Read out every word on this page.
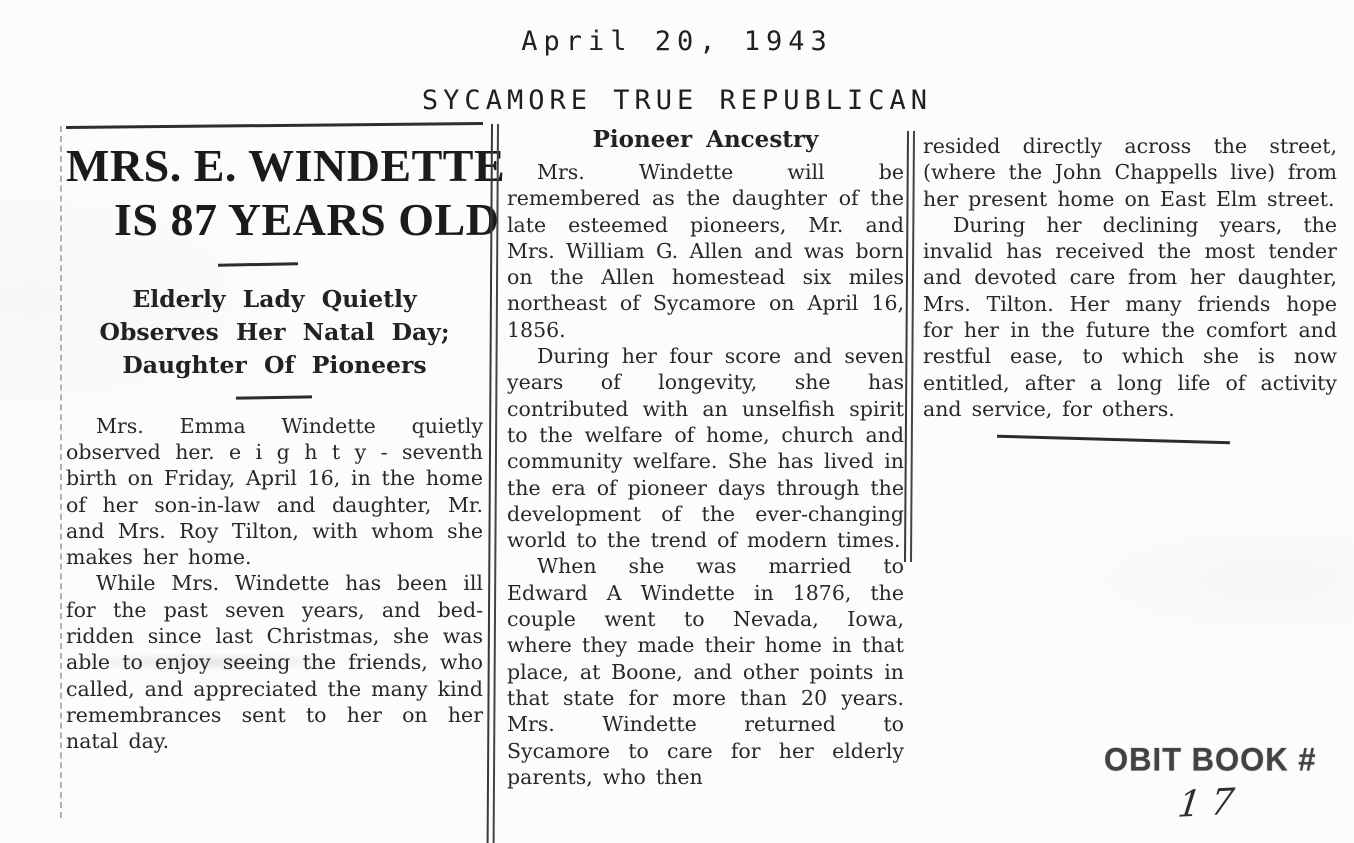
April 20, 1943
SYCAMORE TRUE REPUBLICAN
MRS. E. WINDETTE
IS 87 YEARS OLD
Elderly Lady Quietly Observes Her Natal Day; Daughter Of Pioneers

Mrs. Emma Windette quietly observed her. e i g h t y - seventh birth on Friday, April 16, in the home of her son-in-law and daughter, Mr. and Mrs. Roy Tilton, with whom she makes her home.

While Mrs. Windette has been ill for the past seven years, and bed-ridden since last Christmas, she was able to enjoy seeing the friends, who called, and appreciated the many kind remembrances sent to her on her natal day.

Pioneer Ancestry

Mrs. Windette will be remembered as the daughter of the late esteemed pioneers, Mr. and Mrs. William G. Allen and was born on the Allen homestead six miles northeast of Sycamore on April 16, 1856.

During her four score and seven years of longevity, she has contributed with an unselfish spirit to the welfare of home, church and community welfare. She has lived in the era of pioneer days through the development of the ever-changing world to the trend of modern times.

When she was married to Edward A Windette in 1876, the couple went to Nevada, Iowa, where they made their home in that place, at Boone, and other points in that state for more than 20 years. Mrs. Windette returned to Sycamore to care for her elderly parents, who then

resided directly across the street, (where the John Chappells live) from her present home on East Elm street.

During her declining years, the invalid has received the most tender and devoted care from her daughter, Mrs. Tilton. Her many friends hope for her in the future the comfort and restful ease, to which she is now entitled, after a long life of activity and service, for others.

OBIT BOOK #
17
